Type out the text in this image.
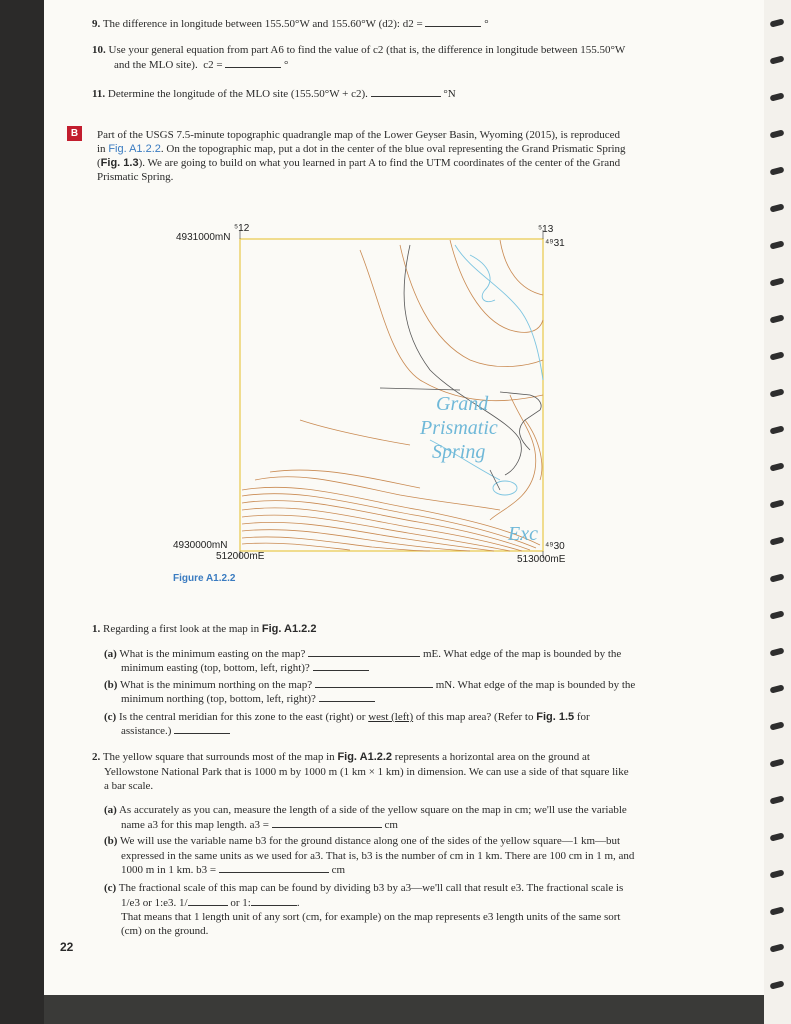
9. The difference in longitude between 155.50°W and 155.60°W (d2): d2 =	°
10. Use your general equation from part A6 to find the value of c2 (that is, the difference in longitude between 155.50°W
and the MLO site). c2 =	°
11. Determine the longitude of the MLO site (155.50°W + c2).	°N
B	Part of the USGS 7.5-minute topographic quadrangle map of the Lower Geyser Basin, Wyoming (2015), is reproduced
in Fig. A1.2.2. On the topographic map, put a dot in the center of the blue oval representing the Grand Prismatic Spring
(Fig. 1.3). We are going to build on what you learned in part A to find the UTM coordinates of the center of the Grand
Prismatic Spring.
Grand
Prismatic
Spring
Exc
⁵12
4931000mN
⁵13
⁴⁹31
4930000mN
512000mE
⁴⁹30
513000mE
Figure A1.2.2
1. Regarding a first look at the map in Fig. A1.2.2
(a) What is the minimum easting on the map?	mE. What edge of the map is bounded by the
minimum easting (top, bottom, left, right)?
(b) What is the minimum northing on the map?	mN. What edge of the map is bounded by the
minimum northing (top, bottom, left, right)?
(c) Is the central meridian for this zone to the east (right) or west (left) of this map area? (Refer to Fig. 1.5 for
assistance.)
2. The yellow square that surrounds most of the map in Fig. A1.2.2 represents a horizontal area on the ground at
Yellowstone National Park that is 1000 m by 1000 m (1 km × 1 km) in dimension. We can use a side of that square like
a bar scale.
(a) As accurately as you can, measure the length of a side of the yellow square on the map in cm; we'll use the variable
name a3 for this map length. a3 =	cm
(b) We will use the variable name b3 for the ground distance along one of the sides of the yellow square—1 km—but
expressed in the same units as we used for a3. That is, b3 is the number of cm in 1 km. There are 100 cm in 1 m, and
1000 m in 1 km. b3 =	cm
(c) The fractional scale of this map can be found by dividing b3 by a3—we'll call that result e3. The fractional scale is
1/e3 or 1:e3. 1/	or 1:	.
That means that 1 length unit of any sort (cm, for example) on the map represents e3 length units of the same sort
(cm) on the ground.
22
